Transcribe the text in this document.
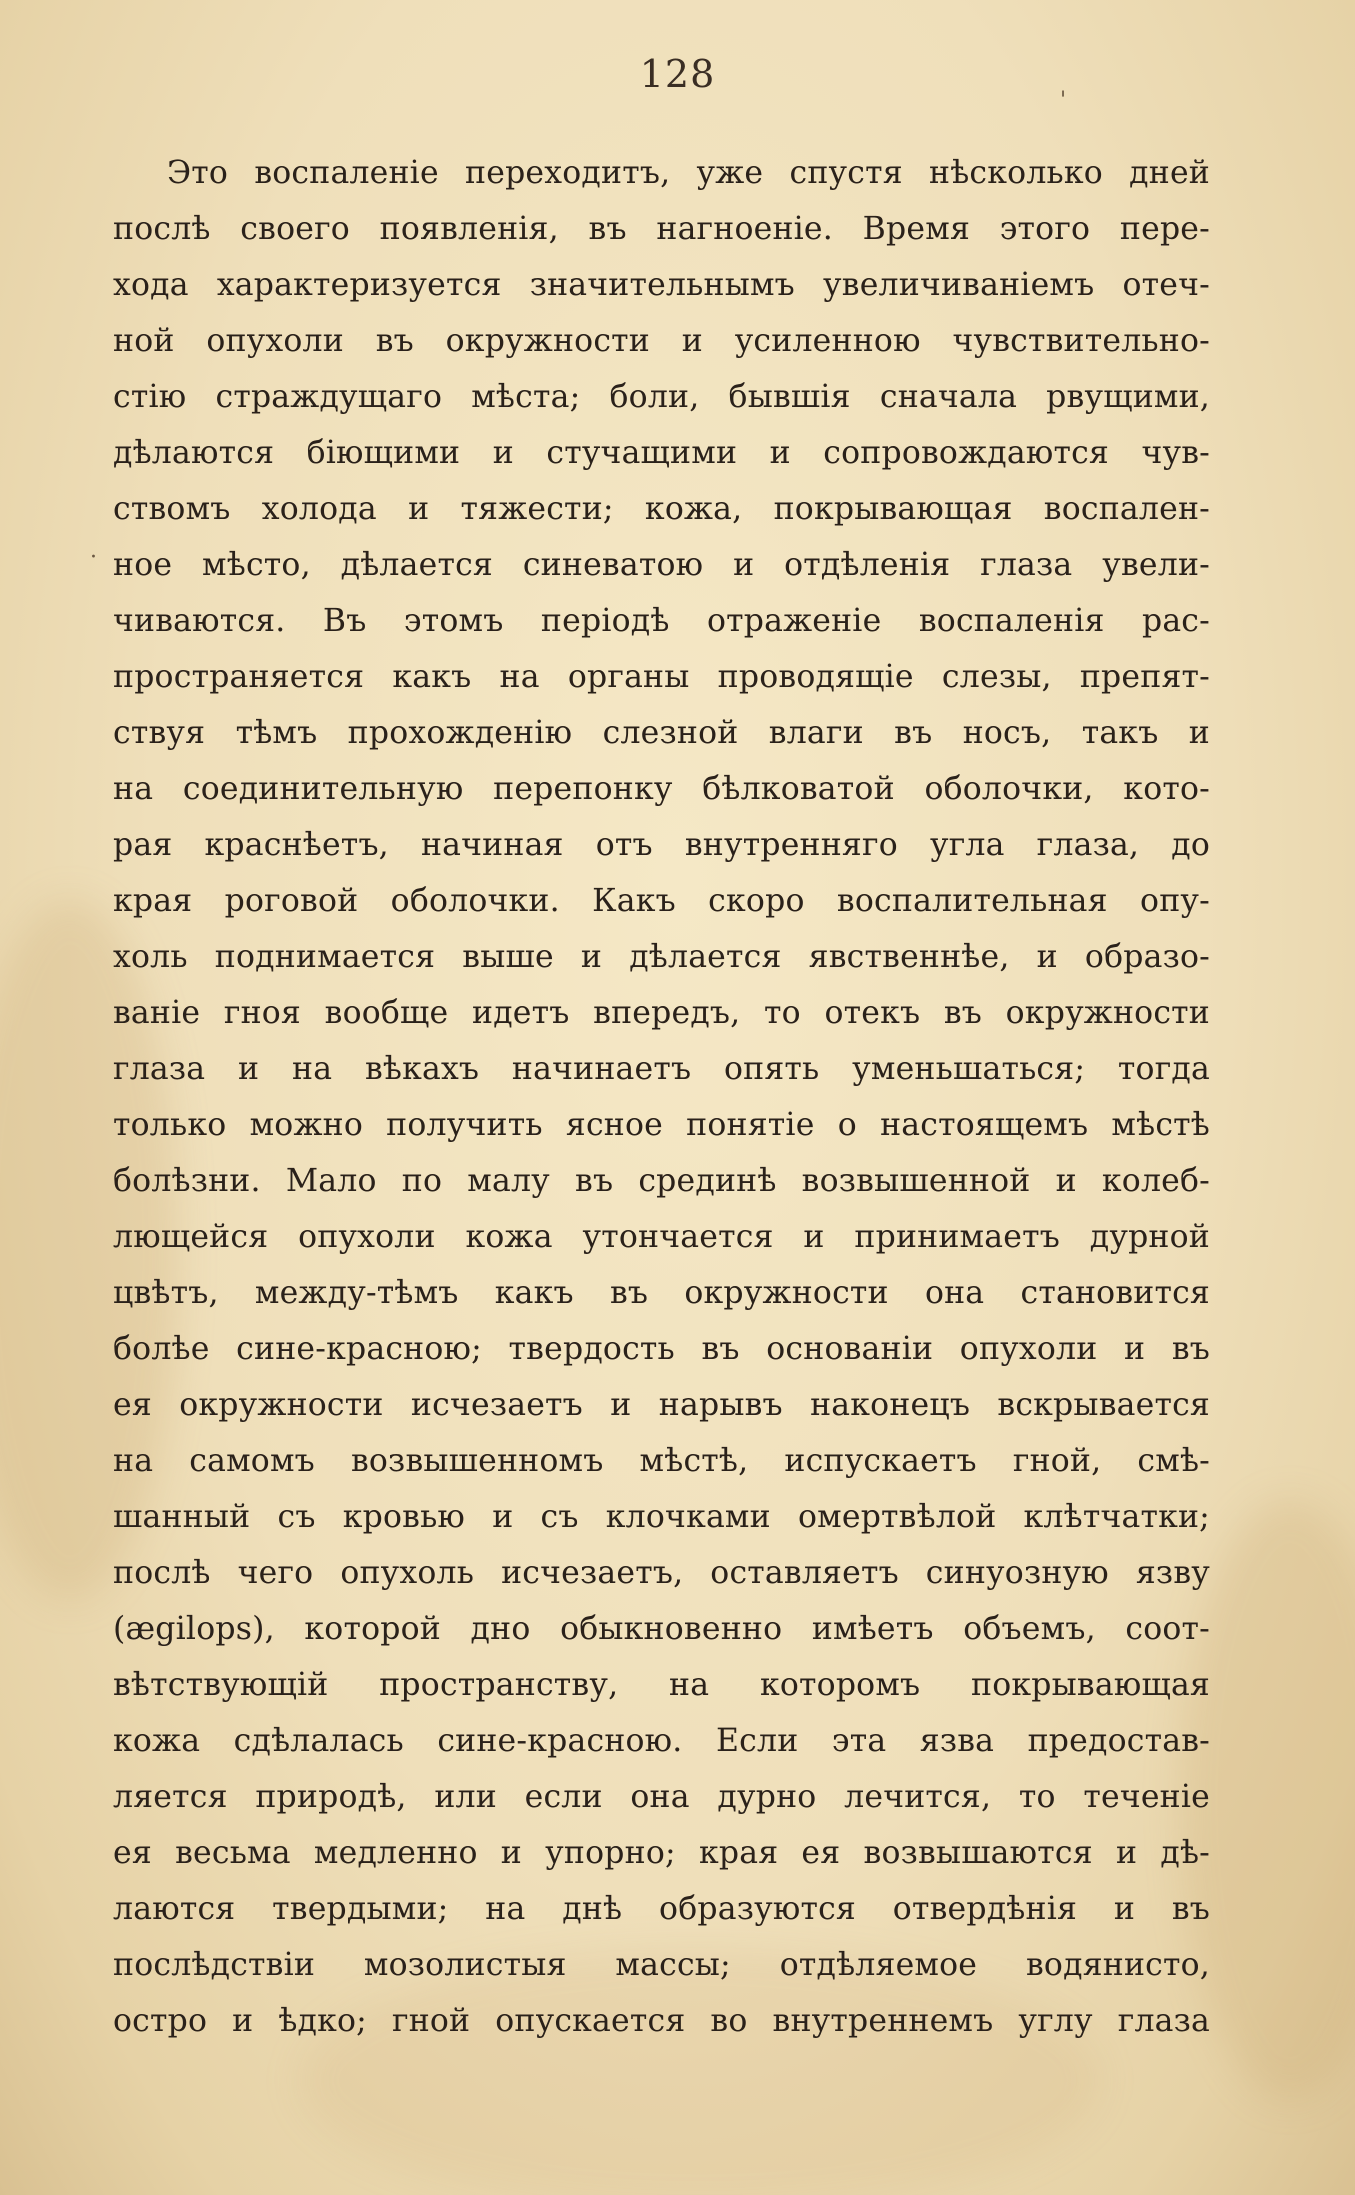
128
'
·
Это воспаленіе переходитъ, уже спустя нѣсколько дней
послѣ своего появленія, въ нагноеніе. Время этого пере-
хода характеризуется значительнымъ увеличиваніемъ отеч-
ной опухоли въ окружности и усиленною чувствительно-
стію страждущаго мѣста; боли, бывшія сначала рвущими,
дѣлаются біющими и стучащими и сопровождаются чув-
ствомъ холода и тяжести; кожа, покрывающая воспален-
ное мѣсто, дѣлается синеватою и отдѣленія глаза увели-
чиваются. Въ этомъ періодѣ отраженіе воспаленія рас-
пространяется какъ на органы проводящіе слезы, препят-
ствуя тѣмъ прохожденію слезной влаги въ носъ, такъ и
на соединительную перепонку бѣлковатой оболочки, кото-
рая краснѣетъ, начиная отъ внутренняго угла глаза, до
края роговой оболочки. Какъ скоро воспалительная опу-
холь поднимается выше и дѣлается явственнѣе, и образо-
ваніе гноя вообще идетъ впередъ, то отекъ въ окружности
глаза и на вѣкахъ начинаетъ опять уменьшаться; тогда
только можно получить ясное понятіе о настоящемъ мѣстѣ
болѣзни. Мало по малу въ срединѣ возвышенной и колеб-
лющейся опухоли кожа утончается и принимаетъ дурной
цвѣтъ, между-тѣмъ какъ въ окружности она становится
болѣе сине-красною; твердость въ основаніи опухоли и въ
ея окружности исчезаетъ и нарывъ наконецъ вскрывается
на самомъ возвышенномъ мѣстѣ, испускаетъ гной, смѣ-
шанный съ кровью и съ клочками омертвѣлой клѣтчатки;
послѣ чего опухоль исчезаетъ, оставляетъ синуозную язву
(ægilops), которой дно обыкновенно имѣетъ объемъ, соот-
вѣтствующій пространству, на которомъ покрывающая
кожа сдѣлалась сине-красною. Если эта язва предостав-
ляется природѣ, или если она дурно лечится, то теченіе
ея весьма медленно и упорно; края ея возвышаются и дѣ-
лаются твердыми; на днѣ образуются отвердѣнія и въ
послѣдствіи мозолистыя массы; отдѣляемое водянисто,
остро и ѣдко; гной опускается во внутреннемъ углу глаза
